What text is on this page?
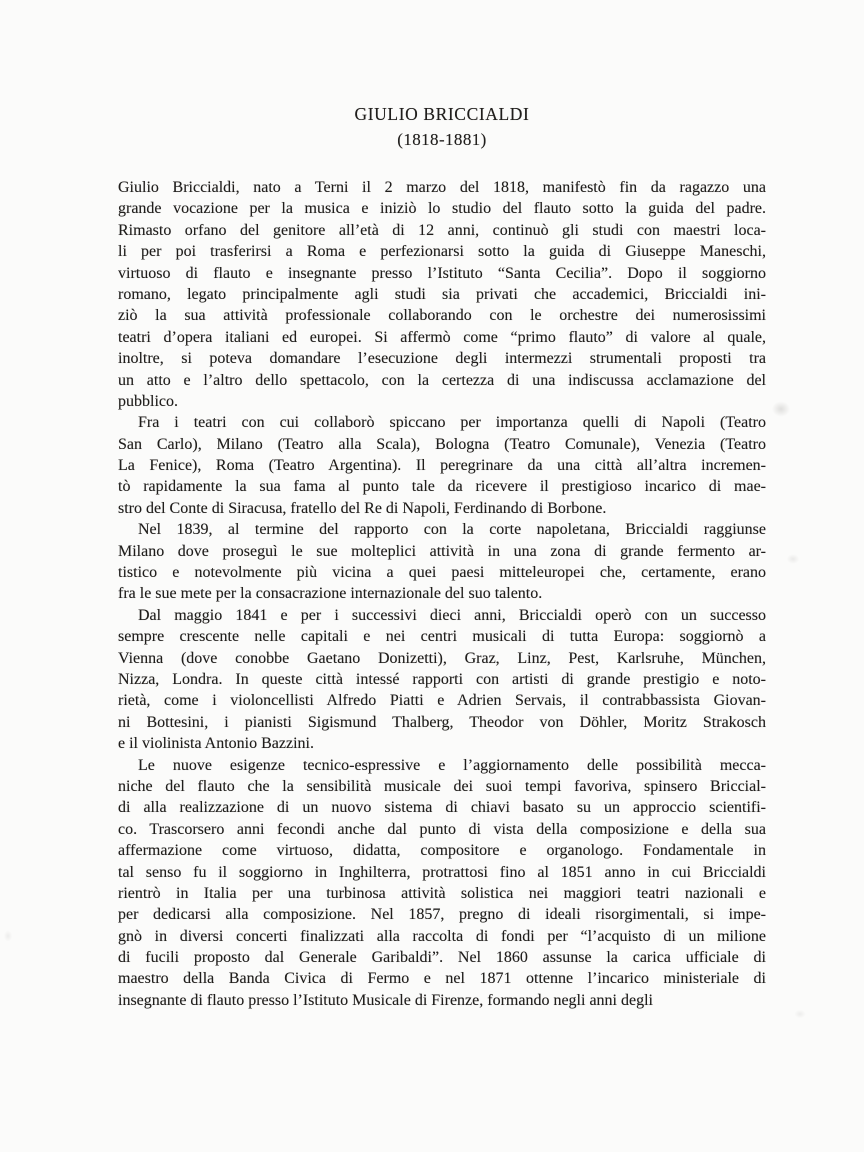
GIULIO BRICCIALDI
(1818-1881)
Giulio Briccialdi, nato a Terni il 2 marzo del 1818, manifestò fin da ragazzo una
grande vocazione per la musica e iniziò lo studio del flauto sotto la guida del padre.
Rimasto orfano del genitore all’età di 12 anni, continuò gli studi con maestri loca-
li per poi trasferirsi a Roma e perfezionarsi sotto la guida di Giuseppe Maneschi,
virtuoso di flauto e insegnante presso l’Istituto “Santa Cecilia”. Dopo il soggiorno
romano, legato principalmente agli studi sia privati che accademici, Briccialdi ini-
ziò la sua attività professionale collaborando con le orchestre dei numerosissimi
teatri d’opera italiani ed europei. Si affermò come “primo flauto” di valore al quale,
inoltre, si poteva domandare l’esecuzione degli intermezzi strumentali proposti tra
un atto e l’altro dello spettacolo, con la certezza di una indiscussa acclamazione del
pubblico.
Fra i teatri con cui collaborò spiccano per importanza quelli di Napoli (Teatro
San Carlo), Milano (Teatro alla Scala), Bologna (Teatro Comunale), Venezia (Teatro
La Fenice), Roma (Teatro Argentina). Il peregrinare da una città all’altra incremen-
tò rapidamente la sua fama al punto tale da ricevere il prestigioso incarico di mae-
stro del Conte di Siracusa, fratello del Re di Napoli, Ferdinando di Borbone.
Nel 1839, al termine del rapporto con la corte napoletana, Briccialdi raggiunse
Milano dove proseguì le sue molteplici attività in una zona di grande fermento ar-
tistico e notevolmente più vicina a quei paesi mitteleuropei che, certamente, erano
fra le sue mete per la consacrazione internazionale del suo talento.
Dal maggio 1841 e per i successivi dieci anni, Briccialdi operò con un successo
sempre crescente nelle capitali e nei centri musicali di tutta Europa: soggiornò a
Vienna (dove conobbe Gaetano Donizetti), Graz, Linz, Pest, Karlsruhe, München,
Nizza, Londra. In queste città intessé rapporti con artisti di grande prestigio e noto-
rietà, come i violoncellisti Alfredo Piatti e Adrien Servais, il contrabbassista Giovan-
ni Bottesini, i pianisti Sigismund Thalberg, Theodor von Döhler, Moritz Strakosch
e il violinista Antonio Bazzini.
Le nuove esigenze tecnico-espressive e l’aggiornamento delle possibilità mecca-
niche del flauto che la sensibilità musicale dei suoi tempi favoriva, spinsero Briccial-
di alla realizzazione di un nuovo sistema di chiavi basato su un approccio scientifi-
co. Trascorsero anni fecondi anche dal punto di vista della composizione e della sua
affermazione come virtuoso, didatta, compositore e organologo. Fondamentale in
tal senso fu il soggiorno in Inghilterra, protrattosi fino al 1851 anno in cui Briccialdi
rientrò in Italia per una turbinosa attività solistica nei maggiori teatri nazionali e
per dedicarsi alla composizione. Nel 1857, pregno di ideali risorgimentali, si impe-
gnò in diversi concerti finalizzati alla raccolta di fondi per “l’acquisto di un milione
di fucili proposto dal Generale Garibaldi”. Nel 1860 assunse la carica ufficiale di
maestro della Banda Civica di Fermo e nel 1871 ottenne l’incarico ministeriale di
insegnante di flauto presso l’Istituto Musicale di Firenze, formando negli anni degli
